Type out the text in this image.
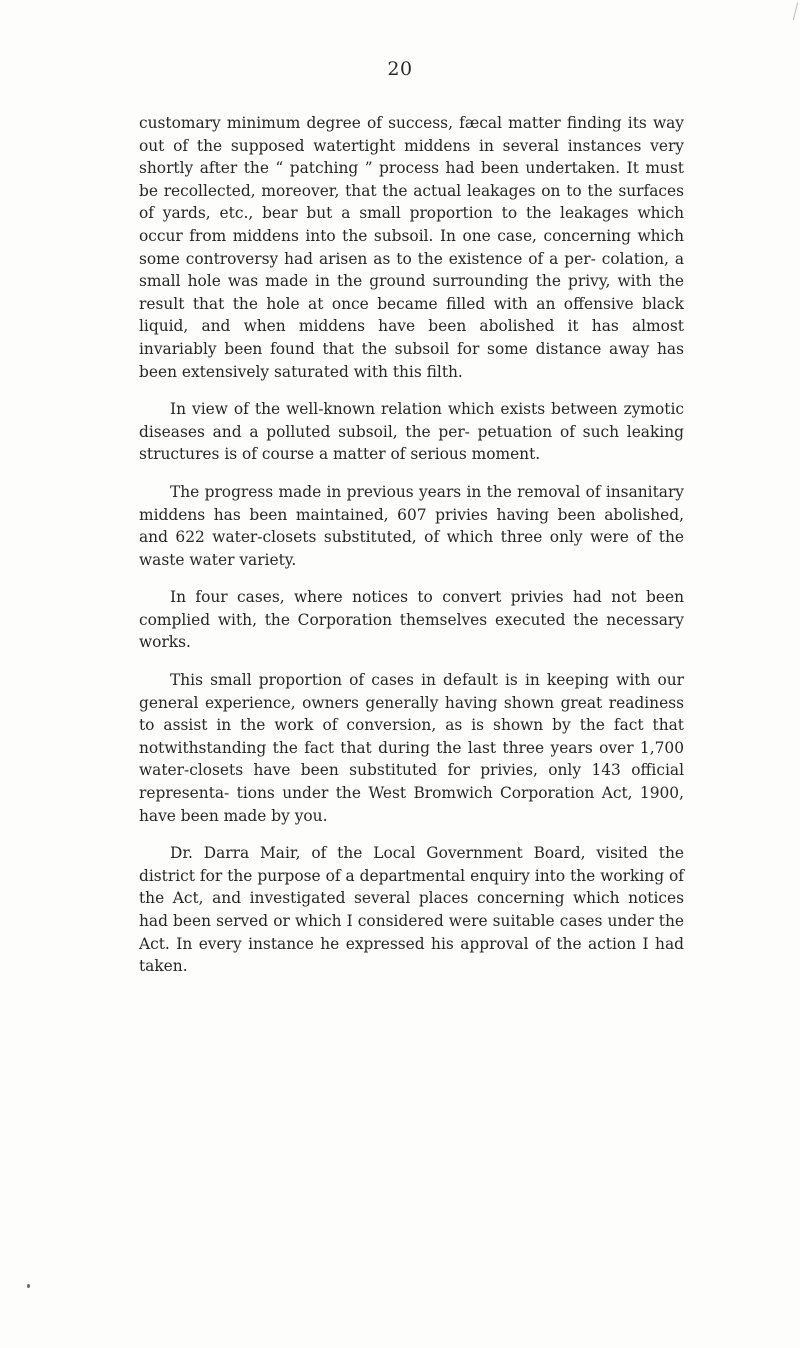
20

customary minimum degree of success, fæcal matter finding its way out of the supposed watertight middens in several instances very shortly after the “ patching ” process had been undertaken. It must be recollected, moreover, that the actual leakages on to the surfaces of yards, etc., bear but a small proportion to the leakages which occur from middens into the subsoil. In one case, concerning which some controversy had arisen as to the existence of a per- colation, a small hole was made in the ground surrounding the privy, with the result that the hole at once became filled with an offensive black liquid, and when middens have been abolished it has almost invariably been found that the subsoil for some distance away has been extensively saturated with this filth.

In view of the well-known relation which exists between zymotic diseases and a polluted subsoil, the per- petuation of such leaking structures is of course a matter of serious moment.

The progress made in previous years in the removal of insanitary middens has been maintained, 607 privies having been abolished, and 622 water-closets substituted, of which three only were of the waste water variety.

In four cases, where notices to convert privies had not been complied with, the Corporation themselves executed the necessary works.

This small proportion of cases in default is in keeping with our general experience, owners generally having shown great readiness to assist in the work of conversion, as is shown by the fact that notwithstanding the fact that during the last three years over 1,700 water-closets have been substituted for privies, only 143 official representa- tions under the West Bromwich Corporation Act, 1900, have been made by you.

Dr. Darra Mair, of the Local Government Board, visited the district for the purpose of a departmental enquiry into the working of the Act, and investigated several places concerning which notices had been served or which I considered were suitable cases under the Act. In every instance he expressed his approval of the action I had taken.
